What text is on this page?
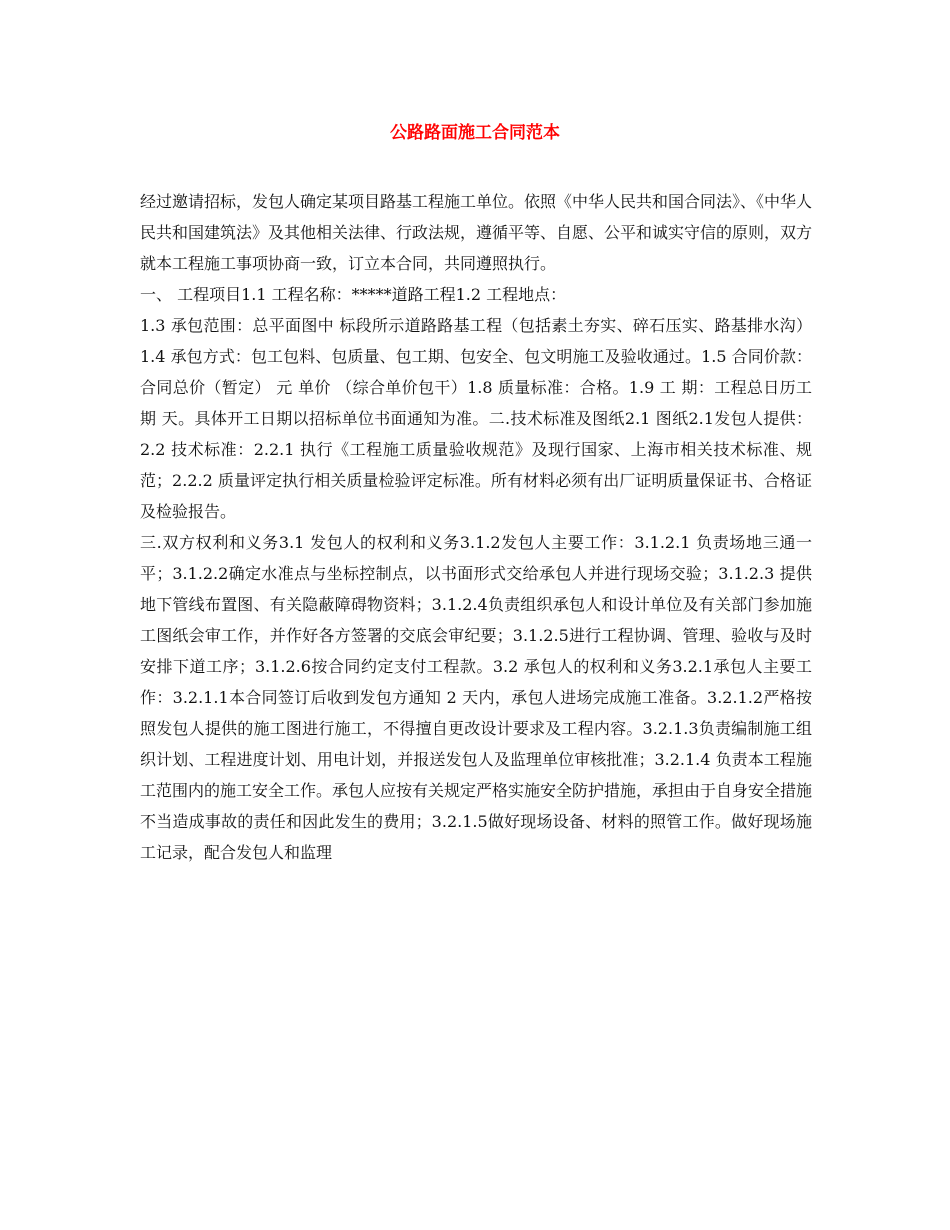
公路路面施工合同范本

经过邀请招标，发包人确定某项目路基工程施工单位。依照《中华人民共和国合同法》、《中华人民共和国建筑法》及其他相关法律、行政法规，遵循平等、自愿、公平和诚实守信的原则，双方就本工程施工事项协商一致，订立本合同，共同遵照执行。

一、 工程项目1.1 工程名称：*****道路工程1.2 工程地点：

1.3 承包范围：总平面图中 标段所示道路路基工程（包括素土夯实、碎石压实、路基排水沟）1.4 承包方式：包工包料、包质量、包工期、包安全、包文明施工及验收通过。1.5 合同价款：合同总价（暂定） 元 单价 （综合单价包干）1.8 质量标准：合格。1.9 工 期：工程总日历工期 天。具体开工日期以招标单位书面通知为准。二.技术标准及图纸2.1 图纸2.1发包人提供： 2.2 技术标准：2.2.1 执行《工程施工质量验收规范》及现行国家、上海市相关技术标准、规范；2.2.2 质量评定执行相关质量检验评定标准。所有材料必须有出厂证明质量保证书、合格证及检验报告。

三.双方权利和义务3.1 发包人的权利和义务3.1.2发包人主要工作：3.1.2.1 负责场地三通一平；3.1.2.2确定水准点与坐标控制点，以书面形式交给承包人并进行现场交验；3.1.2.3 提供地下管线布置图、有关隐蔽障碍物资料；3.1.2.4负责组织承包人和设计单位及有关部门参加施工图纸会审工作，并作好各方签署的交底会审纪要；3.1.2.5进行工程协调、管理、验收与及时安排下道工序；3.1.2.6按合同约定支付工程款。3.2 承包人的权利和义务3.2.1承包人主要工作：3.2.1.1本合同签订后收到发包方通知 2 天内，承包人进场完成施工准备。3.2.1.2严格按照发包人提供的施工图进行施工，不得擅自更改设计要求及工程内容。3.2.1.3负责编制施工组织计划、工程进度计划、用电计划，并报送发包人及监理单位审核批准；3.2.1.4 负责本工程施工范围内的施工安全工作。承包人应按有关规定严格实施安全防护措施，承担由于自身安全措施不当造成事故的责任和因此发生的费用；3.2.1.5做好现场设备、材料的照管工作。做好现场施工记录，配合发包人和监理
